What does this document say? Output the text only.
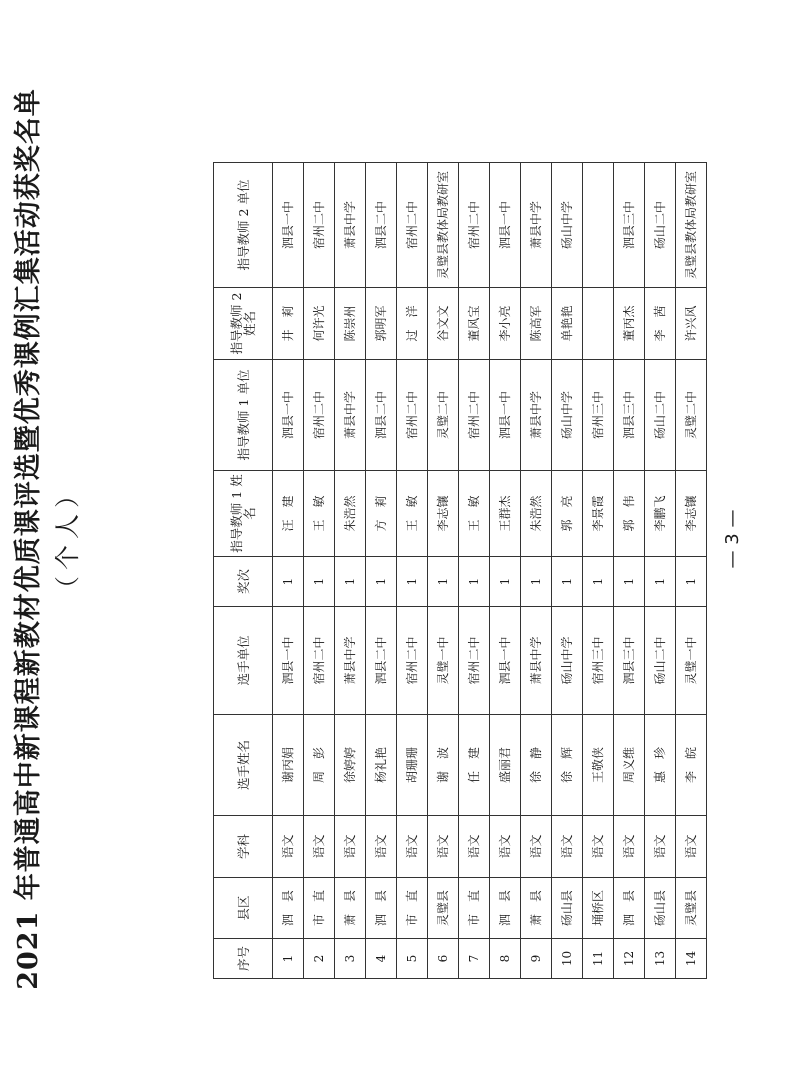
2021 年普通高中新课程新教材优质课评选暨优秀课例汇集活动获奖名单 （个人）
序号	县区	学科	选手姓名	选手单位	奖次	指导教师 1 姓名	指导教师 1 单位	指导教师 2 姓名	指导教师 2 单位
1	泗　县	语文	谢丙娟	泗县一中	1	汪　建	泗县一中	井　莉	泗县一中
2	市　直	语文	周　彭	宿州二中	1	王　敏	宿州二中	何许光	宿州二中
3	萧　县	语文	徐婷婷	萧县中学	1	朱浩然	萧县中学	陈崇州	萧县中学
4	泗　县	语文	杨礼艳	泗县二中	1	方　莉	泗县二中	郭明军	泗县二中
5	市　直	语文	胡珊珊	宿州二中	1	王　敏	宿州二中	过　洋	宿州二中
6	灵璧县	语文	谢　波	灵璧一中	1	李志镶	灵璧二中	谷文文	灵璧县教体局教研室
7	市　直	语文	任　建	宿州二中	1	王　敏	宿州二中	董风宝	宿州二中
8	泗　县	语文	盛丽君	泗县一中	1	王群杰	泗县一中	李小亮	泗县一中
9	萧　县	语文	徐　静	萧县中学	1	朱浩然	萧县中学	陈高军	萧县中学
10	砀山县	语文	徐　辉	砀山中学	1	郭　亮	砀山中学	单艳艳	砀山中学
11	埇桥区	语文	王敬侠	宿州三中	1	李景霞	宿州三中		
12	泗　县	语文	周义维	泗县三中	1	郭　伟	泗县三中	董丙杰	泗县三中
13	砀山县	语文	惠　珍	砀山二中	1	李鹏飞	砀山二中	李　茜	砀山二中
14	灵璧县	语文	李　皖	灵璧一中	1	李志镶	灵璧二中	许兴风	灵璧县教体局教研室
— 3 —
